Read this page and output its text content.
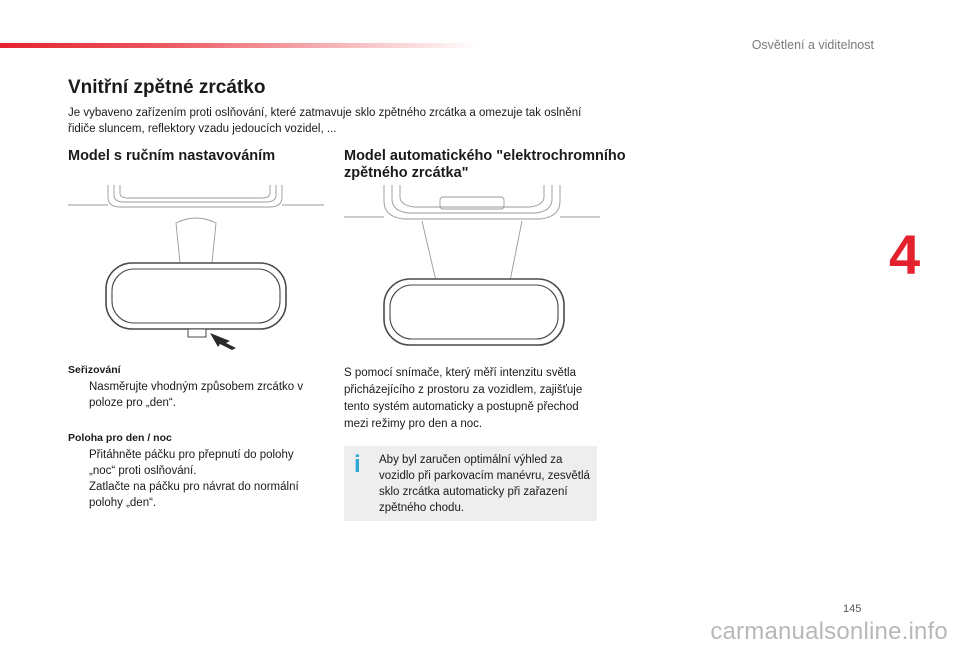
Osvětlení a viditelnost
4
Vnitřní zpětné zrcátko

Je vybaveno zařízením proti oslňování, které zatmavuje sklo zpětného zrcátka a omezuje tak oslnění řidiče sluncem, reflektory vzadu jedoucích vozidel, ...

Model s ručním nastavováním	Model automatického "elektrochromního zpětného zrcátka"
Seřizování
Nasměrujte vhodným způsobem zrcátko v poloze pro „den“.
Poloha pro den / noc
Přitáhněte páčku pro přepnutí do polohy „noc“ proti oslňování.
Zatlačte na páčku pro návrat do normální polohy „den“.

S pomocí snímače, který měří intenzitu světla přicházejícího z prostoru za vozidlem, zajišťuje tento systém automaticky a postupně přechod mezi režimy pro den a noc.

i	Aby byl zaručen optimální výhled za vozidlo při parkovacím manévru, zesvětlá sklo zrcátka automaticky při zařazení zpětného chodu.

145
carmanualsonline.info
